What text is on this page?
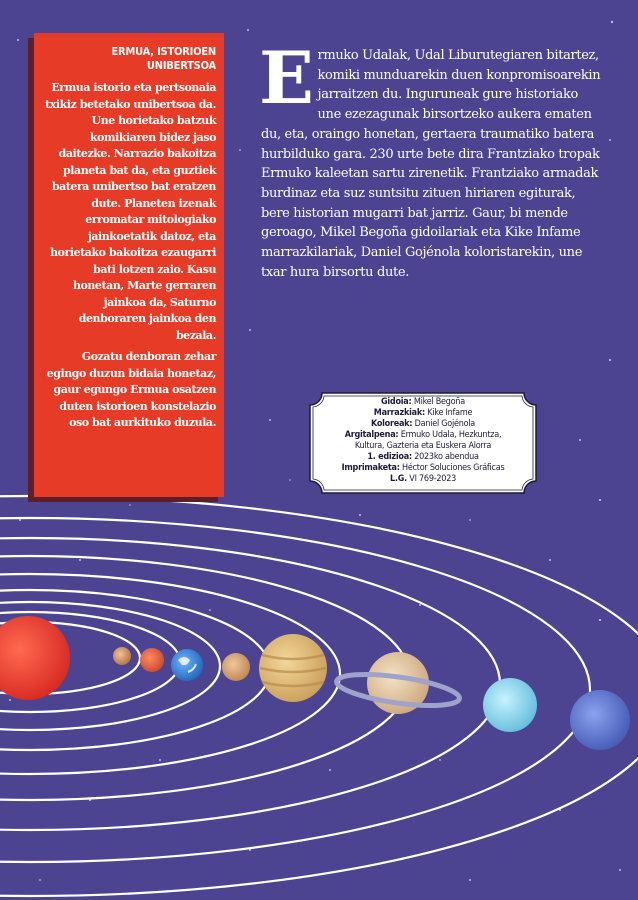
ERMUA, ISTORIOEN UNIBERTSOA

Ermua istorio eta pertsonaia txikiz betetako unibertsoa da. Une horietako batzuk komikiaren bidez jaso daitezke. Narrazio bakoitza planeta bat da, eta guztiek batera unibertso bat eratzen dute. Planeten izenak erromatar mitologiako jainkoetatik datoz, eta horietako bakoitza ezaugarri bati lotzen zaio. Kasu honetan, Marte gerraren jainkoa da, Saturno denboraren jainkoa den bezala.

Gozatu denboran zehar egingo duzun bidaia honetaz, gaur egungo Ermua osatzen duten istorioen konstelazio oso bat aurkituko duzula.

Ermuko Udalak, Udal Liburutegiaren bitartez, komiki munduarekin duen konpromisoarekin jarraitzen du. Inguruneak gure historiako une ezezagunak birsortzeko aukera ematen du, eta, oraingo honetan, gertaera traumatiko batera hurbilduko gara. 230 urte bete dira Frantziako tropak Ermuko kaleetan sartu zirenetik. Frantziako armadak burdinaz eta suz suntsitu zituen hiriaren egiturak, bere historian mugarri bat jarriz. Gaur, bi mende geroago, Mikel Begoña gidoilariak eta Kike Infame marrazkilariak, Daniel Gojénola koloristarekin, une txar hura birsortu dute.
Gidoia: Mikel Begoña
Marrazkiak: Kike Infame
Koloreak: Daniel Gojénola
Argitalpena: Ermuko Udala, Hezkuntza,
Kultura, Gazteria eta Euskera Alorra
1. edizioa: 2023ko abendua
Imprimaketa: Héctor Soluciones Gráficas
L.G. VI 769-2023
